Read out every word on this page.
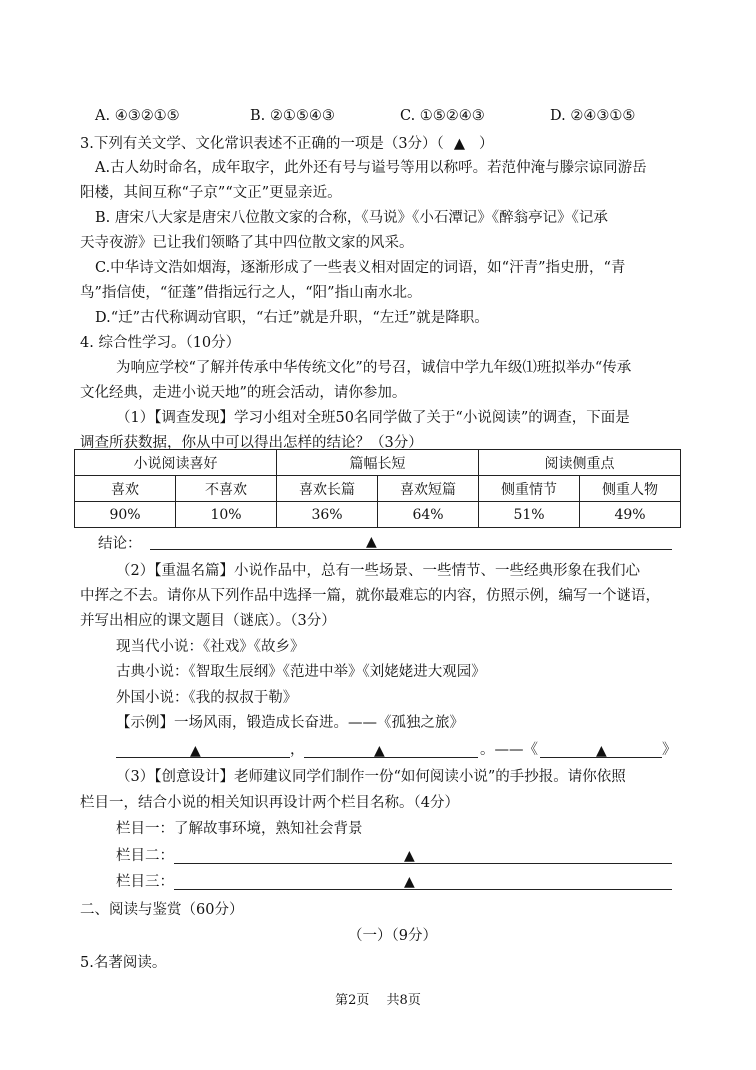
A. ④③②①⑤	B. ②①⑤④③	C. ①⑤②④③	D. ②④③①⑤
3.下列有关文学、文化常识表述不正确的一项是（3分）（ ▲ ）
A.古人幼时命名，成年取字，此外还有号与谥号等用以称呼。若范仲淹与滕宗谅同游岳
阳楼，其间互称“子京”“文正”更显亲近。
B. 唐宋八大家是唐宋八位散文家的合称，《马说》《小石潭记》《醉翁亭记》《记承
天寺夜游》已让我们领略了其中四位散文家的风采。
C.中华诗文浩如烟海，逐渐形成了一些表义相对固定的词语，如“汗青”指史册，“青
鸟”指信使，“征蓬”借指远行之人，“阳”指山南水北。
D.“迁”古代称调动官职，“右迁”就是升职，“左迁”就是降职。
4. 综合性学习。（10分）
为响应学校“了解并传承中华传统文化”的号召，诚信中学九年级⑴班拟举办“传承
文化经典，走进小说天地”的班会活动，请你参加。
（1）【调查发现】学习小组对全班50名同学做了关于“小说阅读”的调查，下面是
调查所获数据，你从中可以得出怎样的结论？（3分）
小说阅读喜好		篇幅长短		阅读侧重点	
喜欢	不喜欢	喜欢长篇	喜欢短篇	侧重情节	侧重人物
90%	10%	36%	64%	51%	49%
结论：	▲
（2）【重温名篇】小说作品中，总有一些场景、一些情节、一些经典形象在我们心
中挥之不去。请你从下列作品中选择一篇，就你最难忘的内容，仿照示例，编写一个谜语，
并写出相应的课文题目（谜底）。（3分）
现当代小说：《社戏》《故乡》
古典小说：《智取生辰纲》《范进中举》《刘姥姥进大观园》
外国小说：《我的叔叔于勒》
【示例】一场风雨，锻造成长奋进。——《孤独之旅》
▲	，	▲	。——《	▲	》
（3）【创意设计】老师建议同学们制作一份“如何阅读小说”的手抄报。请你依照
栏目一，结合小说的相关知识再设计两个栏目名称。（4分）
栏目一：了解故事环境，熟知社会背景
栏目二：	▲
栏目三：	▲
二、阅读与鉴赏（60分）
（一）（9分）
5.名著阅读。
第2页　 共8页
